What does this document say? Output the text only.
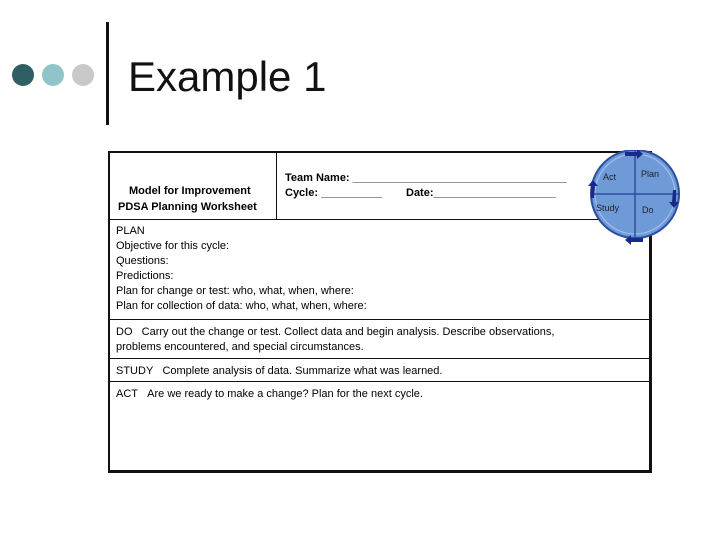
Example 1
Model for Improvement
PDSA Planning Worksheet
Team Name: ___________________________________
Cycle: __________ Date:____________________
PLAN
Objective for this cycle:
Questions:
Predictions:
Plan for change or test: who, what, when, where:
Plan for collection of data: who, what, when, where:
DO Carry out the change or test. Collect data and begin analysis. Describe observations,
problems encountered, and special circumstances.
STUDY Complete analysis of data. Summarize what was learned.
ACT Are we ready to make a change? Plan for the next cycle.
Act	Plan
Study	Do
